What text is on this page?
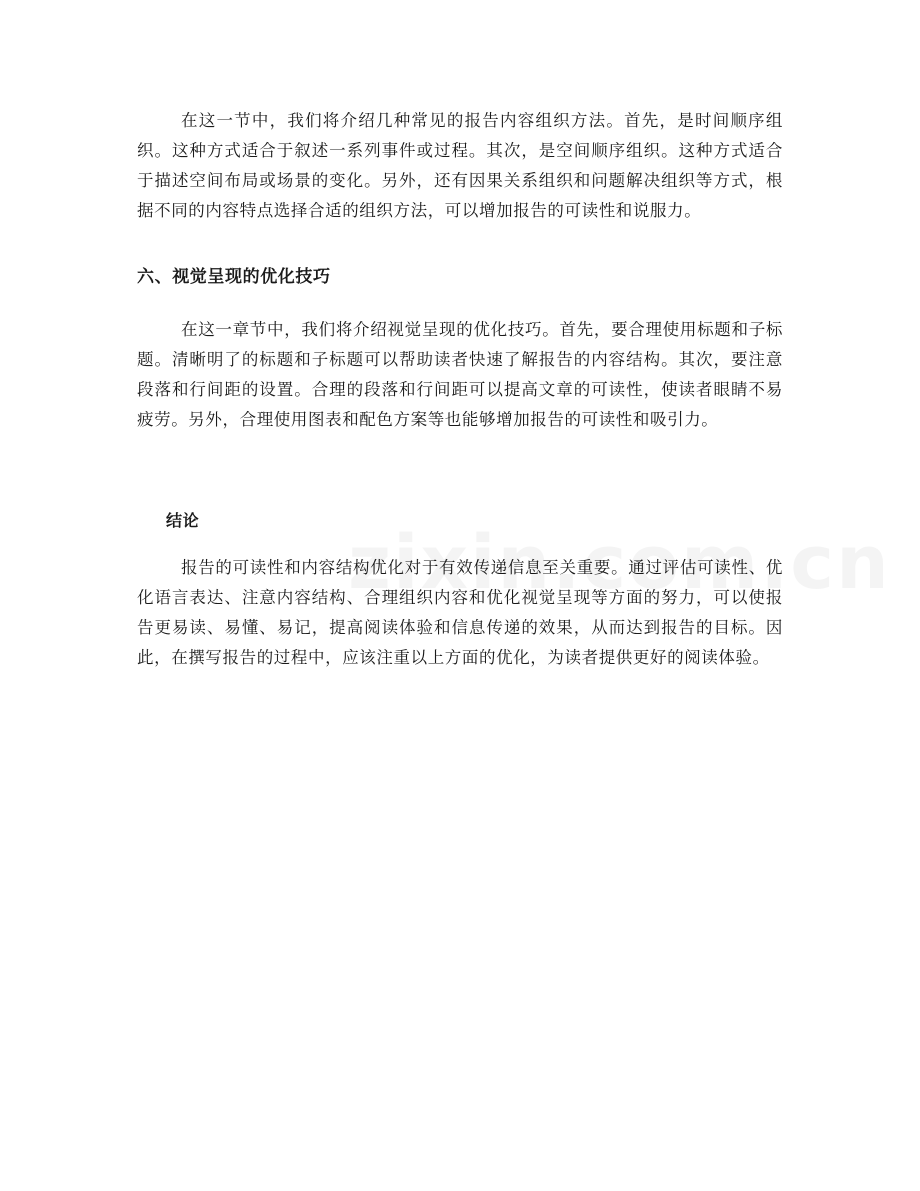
在这一节中，我们将介绍几种常见的报告内容组织方法。首先，是时间顺序组织。这种方式适合于叙述一系列事件或过程。其次，是空间顺序组织。这种方式适合于描述空间布局或场景的变化。另外，还有因果关系组织和问题解决组织等方式，根据不同的内容特点选择合适的组织方法，可以增加报告的可读性和说服力。

六、视觉呈现的优化技巧

在这一章节中，我们将介绍视觉呈现的优化技巧。首先，要合理使用标题和子标题。清晰明了的标题和子标题可以帮助读者快速了解报告的内容结构。其次，要注意段落和行间距的设置。合理的段落和行间距可以提高文章的可读性，使读者眼睛不易疲劳。另外，合理使用图表和配色方案等也能够增加报告的可读性和吸引力。

结论

报告的可读性和内容结构优化对于有效传递信息至关重要。通过评估可读性、优化语言表达、注意内容结构、合理组织内容和优化视觉呈现等方面的努力，可以使报告更易读、易懂、易记，提高阅读体验和信息传递的效果，从而达到报告的目标。因此，在撰写报告的过程中，应该注重以上方面的优化，为读者提供更好的阅读体验。
